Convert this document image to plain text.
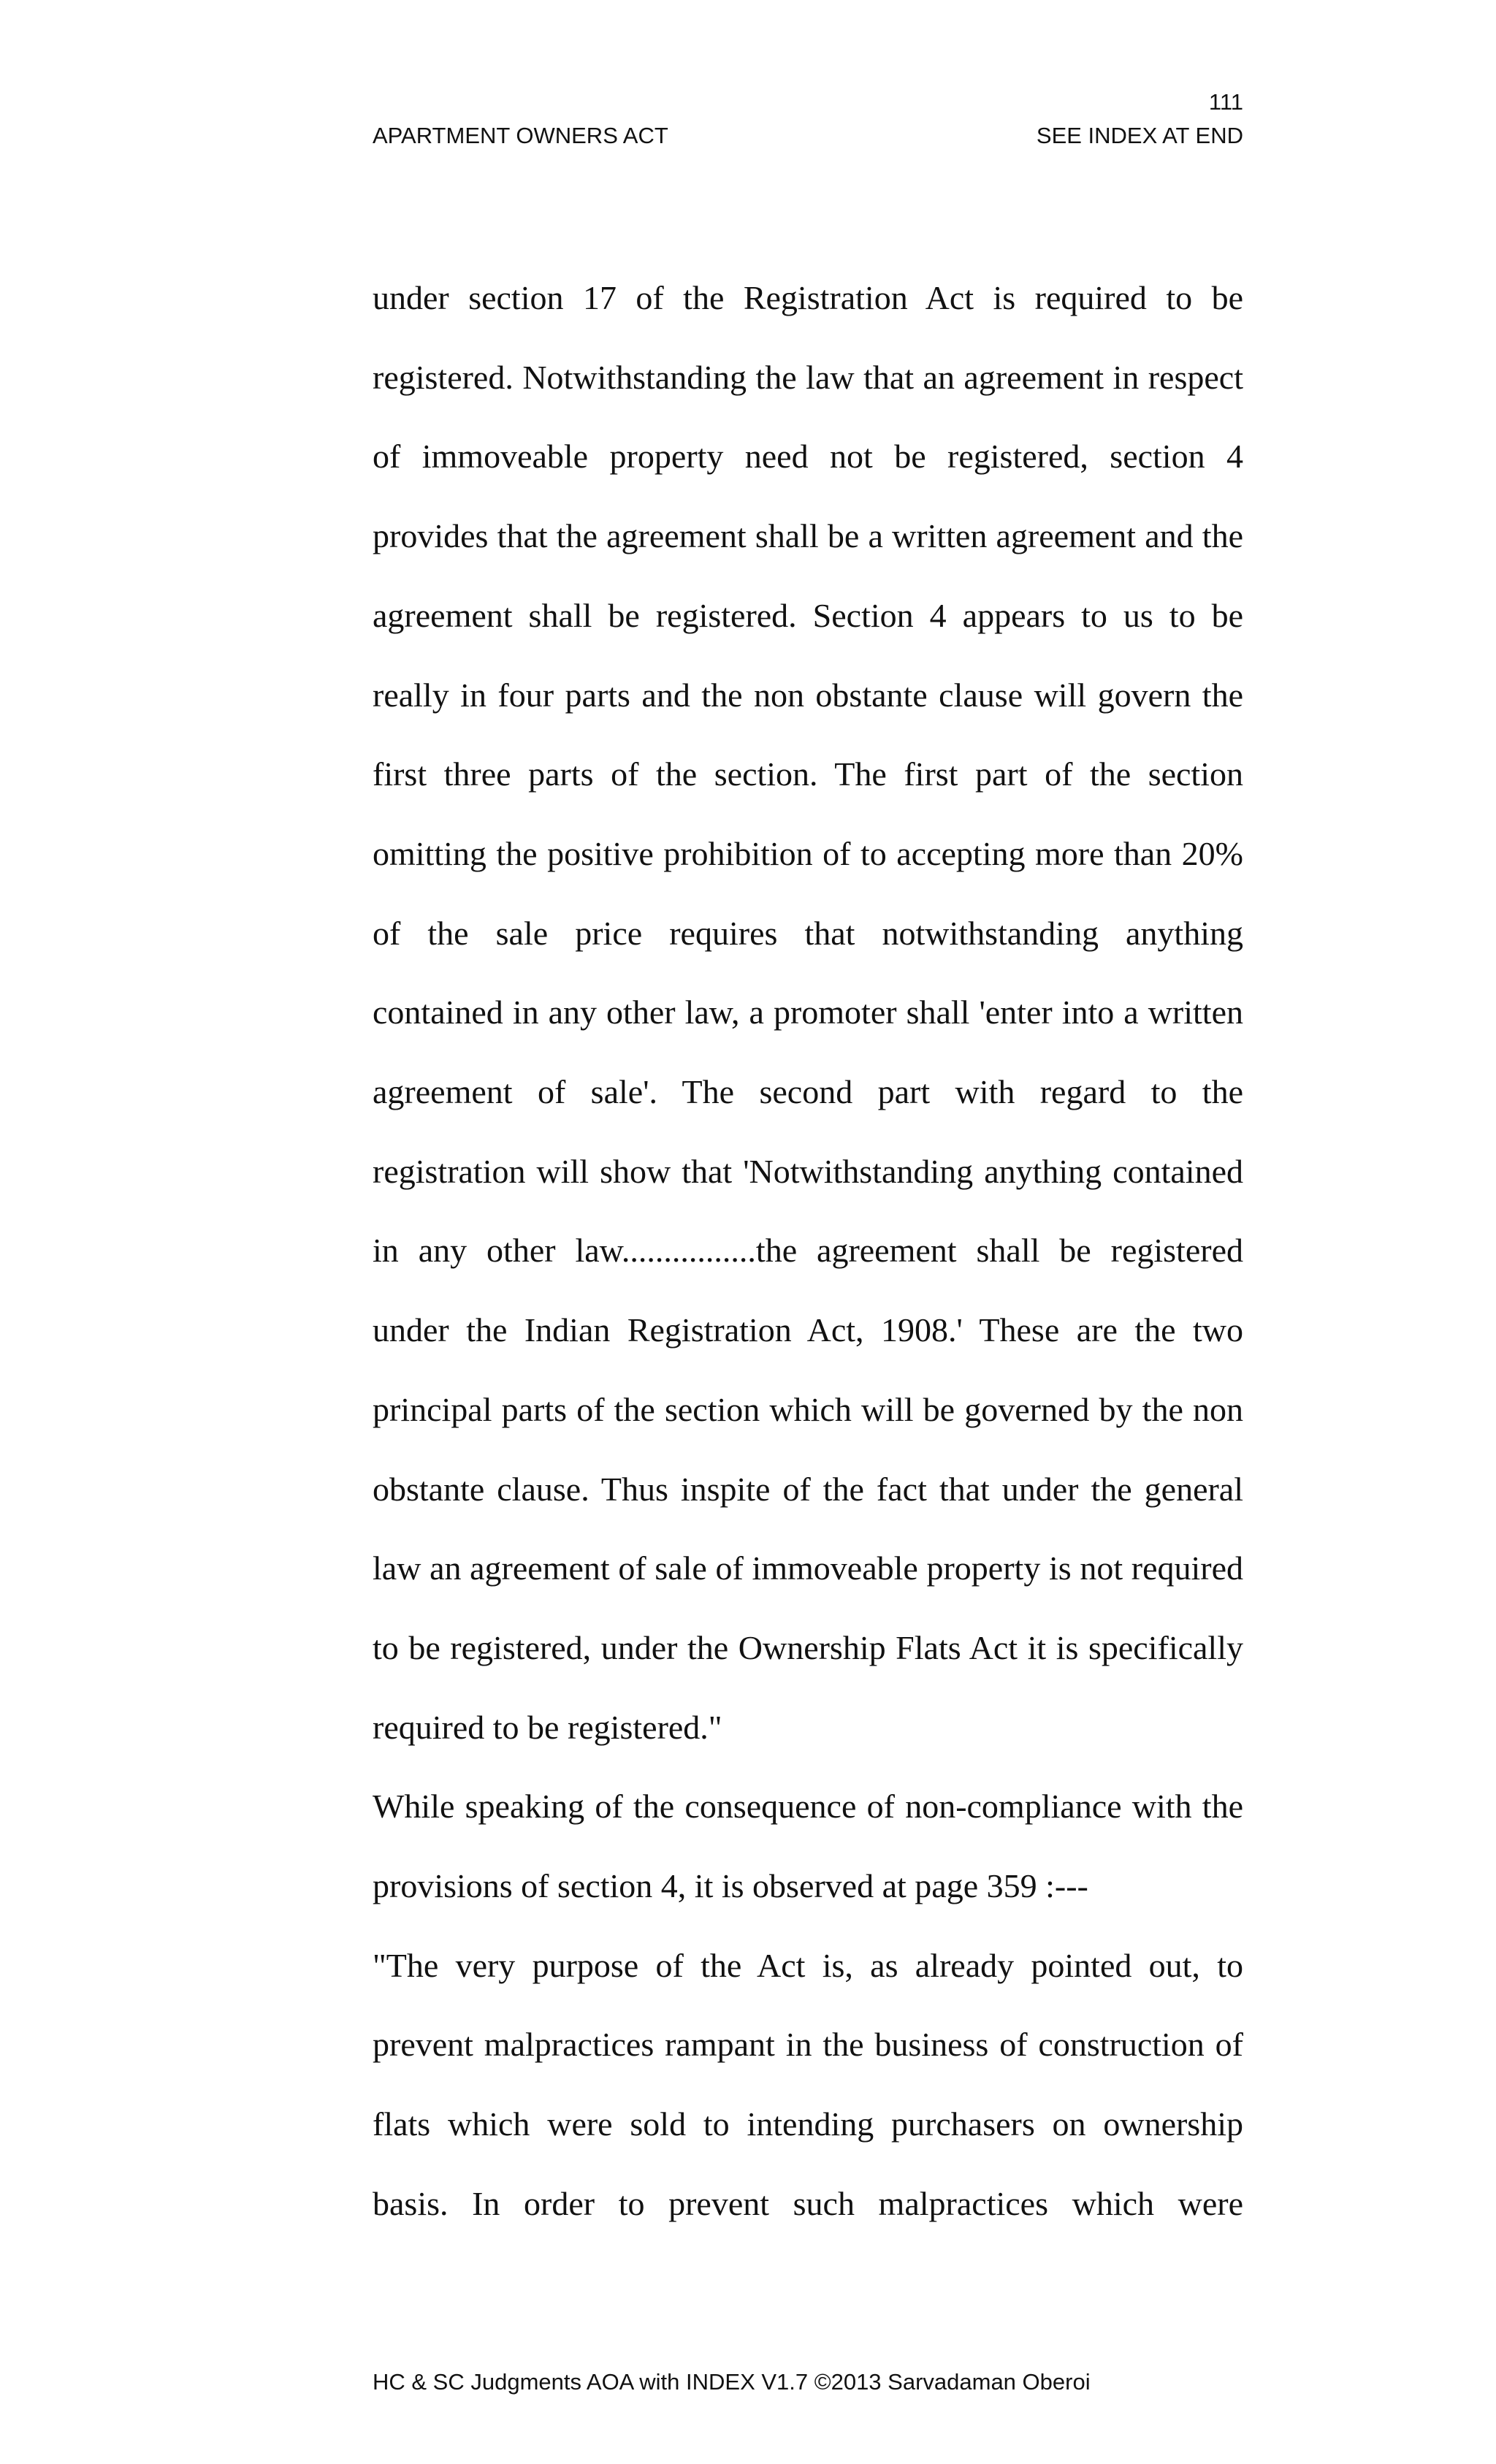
111
APARTMENT OWNERS ACT	SEE INDEX AT END

under section 17 of the Registration Act is required to be registered. Notwithstanding the law that an agreement in respect of immoveable property need not be registered, section 4 provides that the agreement shall be a written agreement and the agreement shall be registered. Section 4 appears to us to be really in four parts and the non obstante clause will govern the first three parts of the section. The first part of the section omitting the positive prohibition of to accepting more than 20% of the sale price requires that notwithstanding anything contained in any other law, a promoter shall 'enter into a written agreement of sale'. The second part with regard to the registration will show that 'Notwithstanding anything contained in any other law................the agreement shall be registered under the Indian Registration Act, 1908.' These are the two principal parts of the section which will be governed by the non obstante clause. Thus inspite of the fact that under the general law an agreement of sale of immoveable property is not required to be registered, under the Ownership Flats Act it is specifically required to be registered."

While speaking of the consequence of non-compliance with the provisions of section 4, it is observed at page 359 :---

"The very purpose of the Act is, as already pointed out, to prevent malpractices rampant in the business of construction of flats which were sold to intending purchasers on ownership basis. In order to prevent such malpractices which were

HC & SC Judgments AOA with INDEX V1.7 ©2013 Sarvadaman Oberoi
